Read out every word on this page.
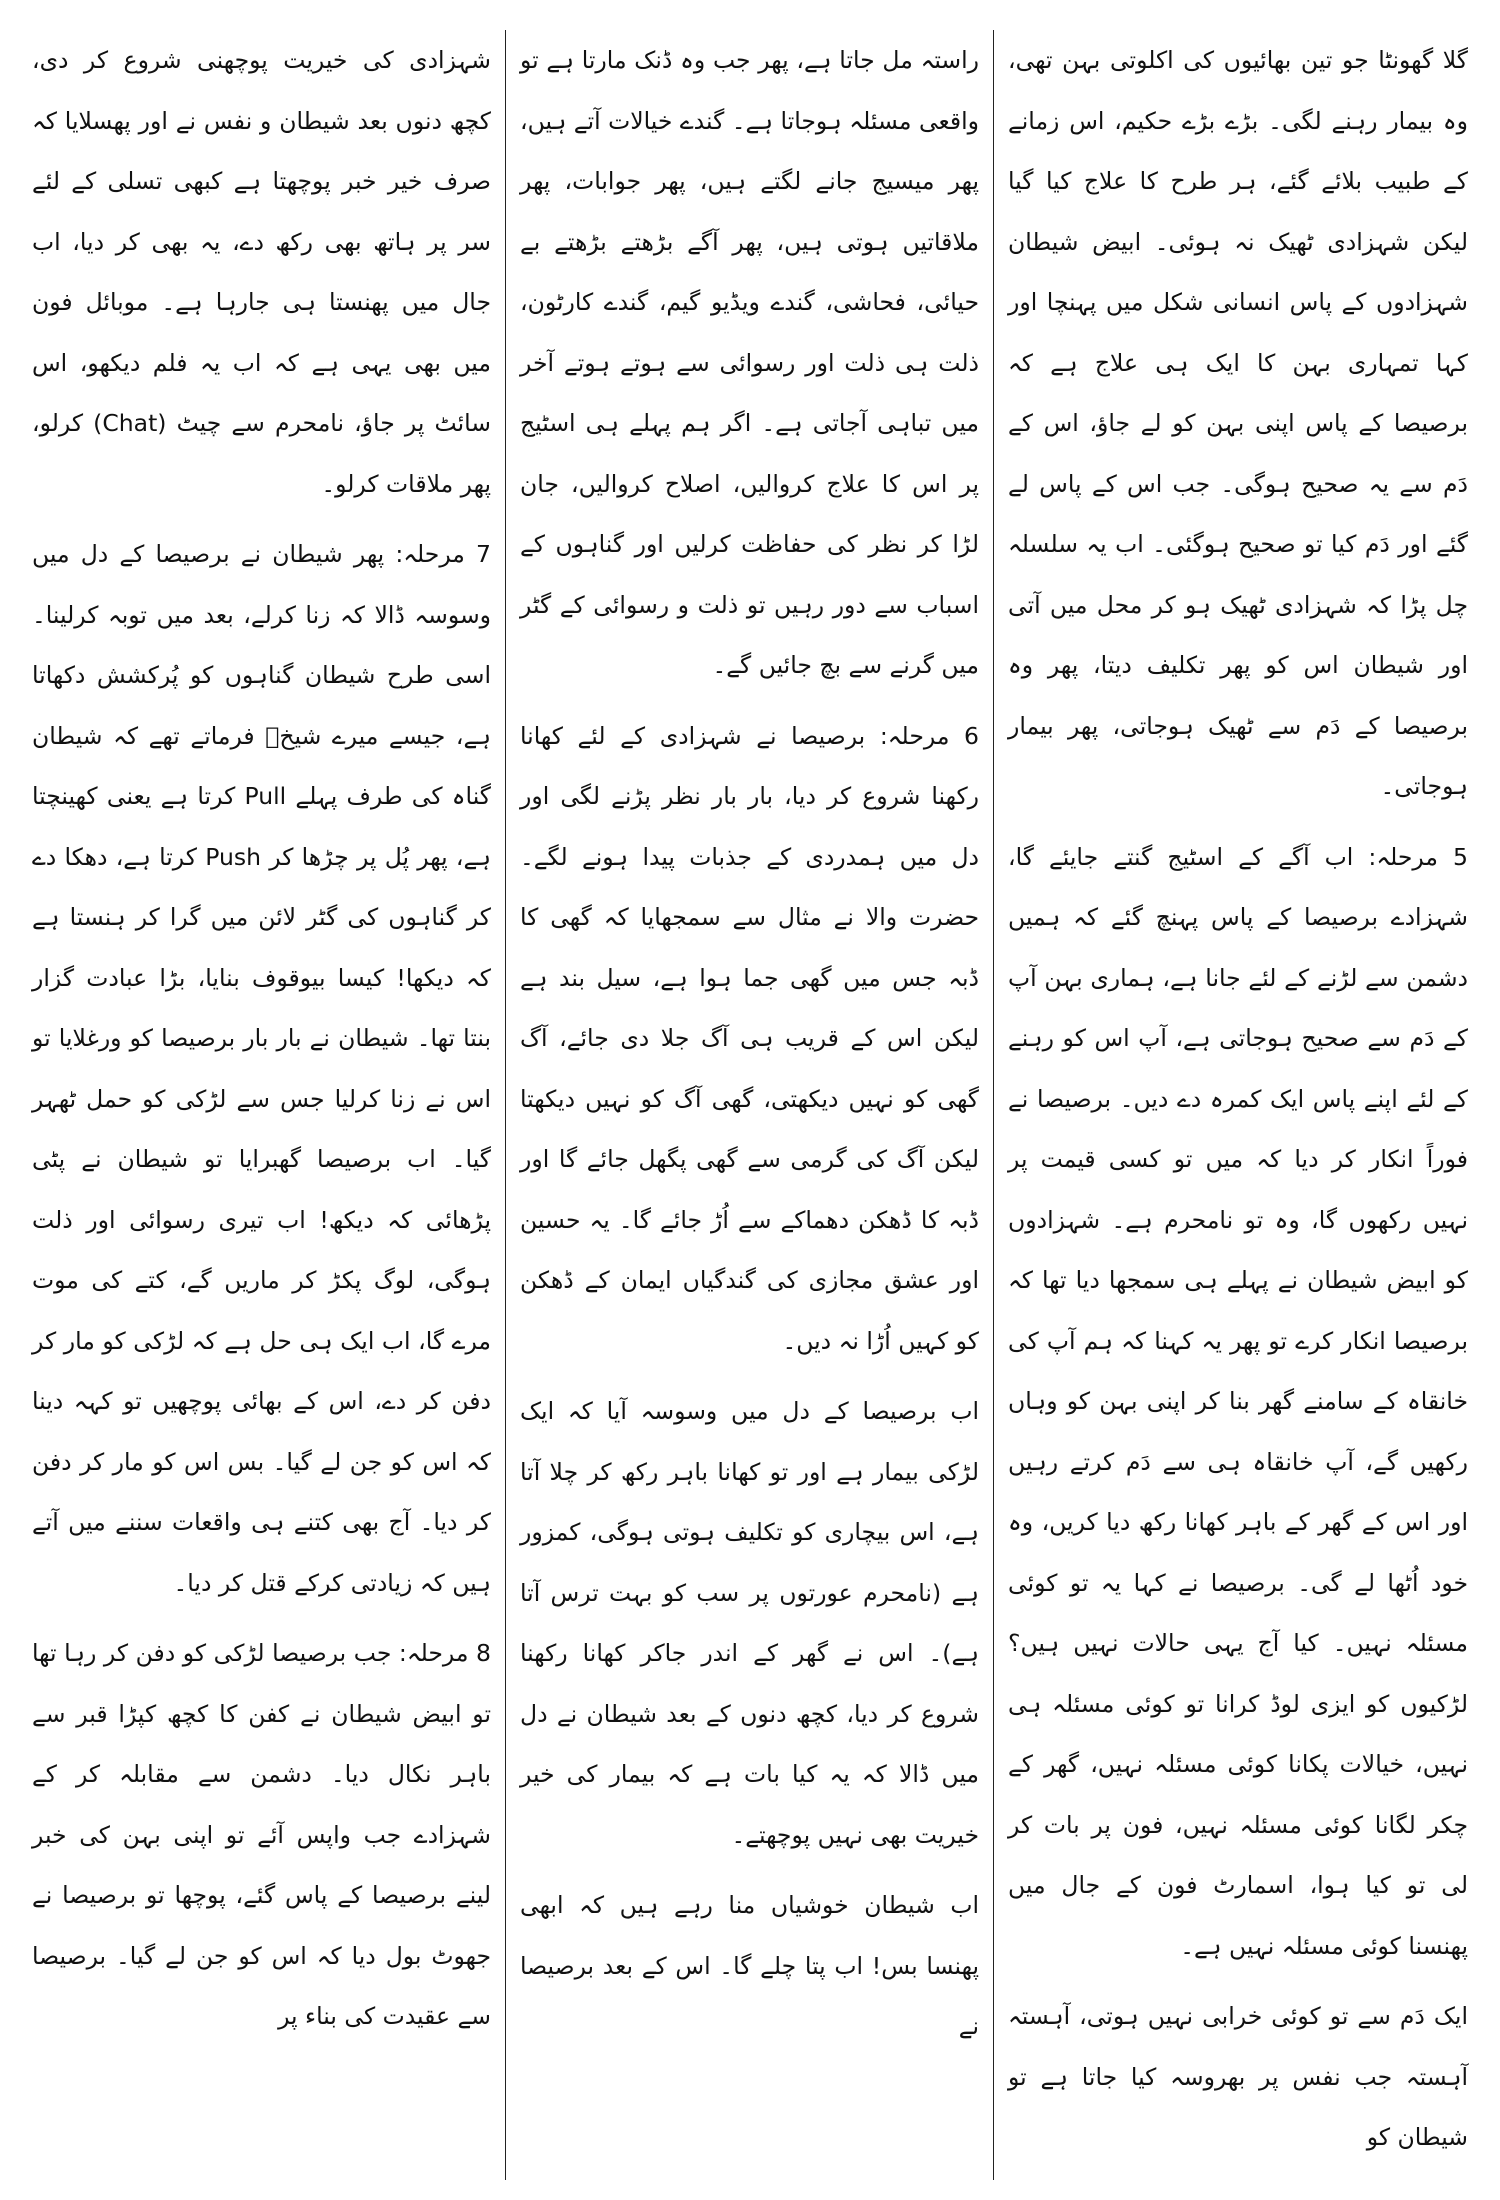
گلا گھونٹا جو تین بھائیوں کی اکلوتی بہن تھی، وہ بیمار رہنے لگی۔ بڑے بڑے حکیم، اس زمانے کے طبیب بلائے گئے، ہر طرح کا علاج کیا گیا لیکن شہزادی ٹھیک نہ ہوئی۔ ابیض شیطان شہزادوں کے پاس انسانی شکل میں پہنچا اور کہا تمہاری بہن کا ایک ہی علاج ہے کہ برصیصا کے پاس اپنی بہن کو لے جاؤ، اس کے دَم سے یہ صحیح ہوگی۔ جب اس کے پاس لے گئے اور دَم کیا تو صحیح ہوگئی۔ اب یہ سلسلہ چل پڑا کہ شہزادی ٹھیک ہو کر محل میں آتی اور شیطان اس کو پھر تکلیف دیتا، پھر وہ برصیصا کے دَم سے ٹھیک ہوجاتی، پھر بیمار ہوجاتی۔

5 مرحلہ: اب آگے کے اسٹیج گنتے جایئے گا، شہزادے برصیصا کے پاس پہنچ گئے کہ ہمیں دشمن سے لڑنے کے لئے جانا ہے، ہماری بہن آپ کے دَم سے صحیح ہوجاتی ہے، آپ اس کو رہنے کے لئے اپنے پاس ایک کمرہ دے دیں۔ برصیصا نے فوراً انکار کر دیا کہ میں تو کسی قیمت پر نہیں رکھوں گا، وہ تو نامحرم ہے۔ شہزادوں کو ابیض شیطان نے پہلے ہی سمجھا دیا تھا کہ برصیصا انکار کرے تو پھر یہ کہنا کہ ہم آپ کی خانقاہ کے سامنے گھر بنا کر اپنی بہن کو وہاں رکھیں گے، آپ خانقاہ ہی سے دَم کرتے رہیں اور اس کے گھر کے باہر کھانا رکھ دیا کریں، وہ خود اُٹھا لے گی۔ برصیصا نے کہا یہ تو کوئی مسئلہ نہیں۔ کیا آج یہی حالات نہیں ہیں؟ لڑکیوں کو ایزی لوڈ کرانا تو کوئی مسئلہ ہی نہیں، خیالات پکانا کوئی مسئلہ نہیں، گھر کے چکر لگانا کوئی مسئلہ نہیں، فون پر بات کر لی تو کیا ہوا، اسمارٹ فون کے جال میں پھنسنا کوئی مسئلہ نہیں ہے۔

ایک دَم سے تو کوئی خرابی نہیں ہوتی، آہستہ آہستہ جب نفس پر بھروسہ کیا جاتا ہے تو شیطان کو

راستہ مل جاتا ہے، پھر جب وہ ڈنک مارتا ہے تو واقعی مسئلہ ہوجاتا ہے۔ گندے خیالات آتے ہیں، پھر میسیج جانے لگتے ہیں، پھر جوابات، پھر ملاقاتیں ہوتی ہیں، پھر آگے بڑھتے بڑھتے بے حیائی، فحاشی، گندے ویڈیو گیم، گندے کارٹون، ذلت ہی ذلت اور رسوائی سے ہوتے ہوتے آخر میں تباہی آجاتی ہے۔ اگر ہم پہلے ہی اسٹیج پر اس کا علاج کروالیں، اصلاح کروالیں، جان لڑا کر نظر کی حفاظت کرلیں اور گناہوں کے اسباب سے دور رہیں تو ذلت و رسوائی کے گٹر میں گرنے سے بچ جائیں گے۔

6 مرحلہ: برصیصا نے شہزادی کے لئے کھانا رکھنا شروع کر دیا، بار بار نظر پڑنے لگی اور دل میں ہمدردی کے جذبات پیدا ہونے لگے۔ حضرت والا نے مثال سے سمجھایا کہ گھی کا ڈبہ جس میں گھی جما ہوا ہے، سیل بند ہے لیکن اس کے قریب ہی آگ جلا دی جائے، آگ گھی کو نہیں دیکھتی، گھی آگ کو نہیں دیکھتا لیکن آگ کی گرمی سے گھی پگھل جائے گا اور ڈبہ کا ڈھکن دھماکے سے اُڑ جائے گا۔ یہ حسین اور عشق مجازی کی گندگیاں ایمان کے ڈھکن کو کہیں اُڑا نہ دیں۔

اب برصیصا کے دل میں وسوسہ آیا کہ ایک لڑکی بیمار ہے اور تو کھانا باہر رکھ کر چلا آتا ہے، اس بیچاری کو تکلیف ہوتی ہوگی، کمزور ہے (نامحرم عورتوں پر سب کو بہت ترس آتا ہے)۔ اس نے گھر کے اندر جاکر کھانا رکھنا شروع کر دیا، کچھ دنوں کے بعد شیطان نے دل میں ڈالا کہ یہ کیا بات ہے کہ بیمار کی خیر خیریت بھی نہیں پوچھتے۔

اب شیطان خوشیاں منا رہے ہیں کہ ابھی پھنسا بس! اب پتا چلے گا۔ اس کے بعد برصیصا نے

شہزادی کی خیریت پوچھنی شروع کر دی، کچھ دنوں بعد شیطان و نفس نے اور پھسلایا کہ صرف خیر خبر پوچھتا ہے کبھی تسلی کے لئے سر پر ہاتھ بھی رکھ دے، یہ بھی کر دیا، اب جال میں پھنستا ہی جارہا ہے۔ موبائل فون میں بھی یہی ہے کہ اب یہ فلم دیکھو، اس سائٹ پر جاؤ، نامحرم سے چیٹ (Chat) کرلو، پھر ملاقات کرلو۔

7 مرحلہ: پھر شیطان نے برصیصا کے دل میں وسوسہ ڈالا کہ زنا کرلے، بعد میں توبہ کرلینا۔ اسی طرح شیطان گناہوں کو پُرکشش دکھاتا ہے، جیسے میرے شیخؒ فرماتے تھے کہ شیطان گناہ کی طرف پہلے Pull کرتا ہے یعنی کھینچتا ہے، پھر پُل پر چڑھا کر Push کرتا ہے، دھکا دے کر گناہوں کی گٹر لائن میں گرا کر ہنستا ہے کہ دیکھا! کیسا بیوقوف بنایا، بڑا عبادت گزار بنتا تھا۔ شیطان نے بار بار برصیصا کو ورغلایا تو اس نے زنا کرلیا جس سے لڑکی کو حمل ٹھہر گیا۔ اب برصیصا گھبرایا تو شیطان نے پٹی پڑھائی کہ دیکھ! اب تیری رسوائی اور ذلت ہوگی، لوگ پکڑ کر ماریں گے، کتے کی موت مرے گا، اب ایک ہی حل ہے کہ لڑکی کو مار کر دفن کر دے، اس کے بھائی پوچھیں تو کہہ دینا کہ اس کو جن لے گیا۔ بس اس کو مار کر دفن کر دیا۔ آج بھی کتنے ہی واقعات سننے میں آتے ہیں کہ زیادتی کرکے قتل کر دیا۔

8 مرحلہ: جب برصیصا لڑکی کو دفن کر رہا تھا تو ابیض شیطان نے کفن کا کچھ کپڑا قبر سے باہر نکال دیا۔ دشمن سے مقابلہ کر کے شہزادے جب واپس آئے تو اپنی بہن کی خبر لینے برصیصا کے پاس گئے، پوچھا تو برصیصا نے جھوٹ بول دیا کہ اس کو جن لے گیا۔ برصیصا سے عقیدت کی بناء پر
